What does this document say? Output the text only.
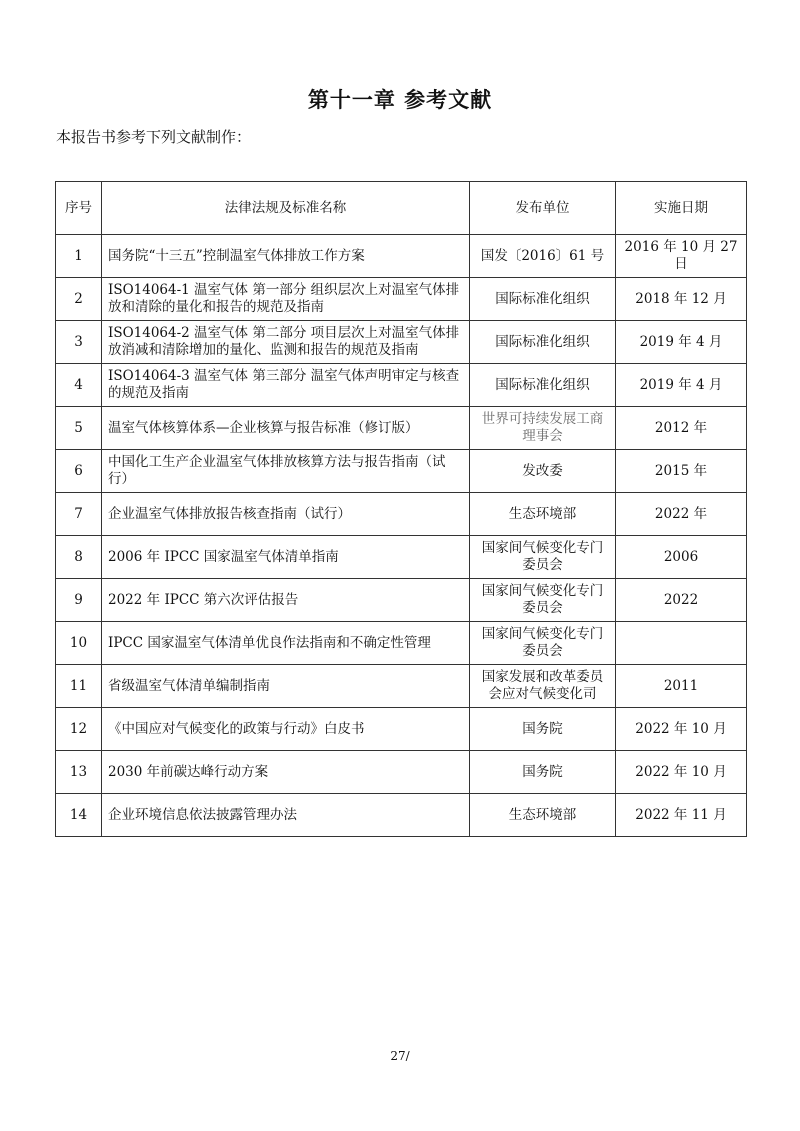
第十一章 参考文献
本报告书参考下列文献制作：
序号	法律法规及标准名称	发布单位	实施日期
1	国务院“十三五”控制温室气体排放工作方案	国发〔2016〕61 号	2016 年 10 月 27 日
2	ISO14064-1 温室气体 第一部分 组织层次上对温室气体排放和清除的量化和报告的规范及指南	国际标准化组织	2018 年 12 月
3	ISO14064-2 温室气体 第二部分 项目层次上对温室气体排放消减和清除增加的量化、监测和报告的规范及指南	国际标准化组织	2019 年 4 月
4	ISO14064-3 温室气体 第三部分 温室气体声明审定与核查的规范及指南	国际标准化组织	2019 年 4 月
5	温室气体核算体系—企业核算与报告标准（修订版）	世界可持续发展工商理事会	2012 年
6	中国化工生产企业温室气体排放核算方法与报告指南（试行）	发改委	2015 年
7	企业温室气体排放报告核查指南（试行）	生态环境部	2022 年
8	2006 年 IPCC 国家温室气体清单指南	国家间气候变化专门委员会	2006
9	2022 年 IPCC 第六次评估报告	国家间气候变化专门委员会	2022
10	IPCC 国家温室气体清单优良作法指南和不确定性管理	国家间气候变化专门委员会	
11	省级温室气体清单编制指南	国家发展和改革委员会应对气候变化司	2011
12	《中国应对气候变化的政策与行动》白皮书	国务院	2022 年 10 月
13	2030 年前碳达峰行动方案	国务院	2022 年 10 月
14	企业环境信息依法披露管理办法	生态环境部	2022 年 11 月
27/
